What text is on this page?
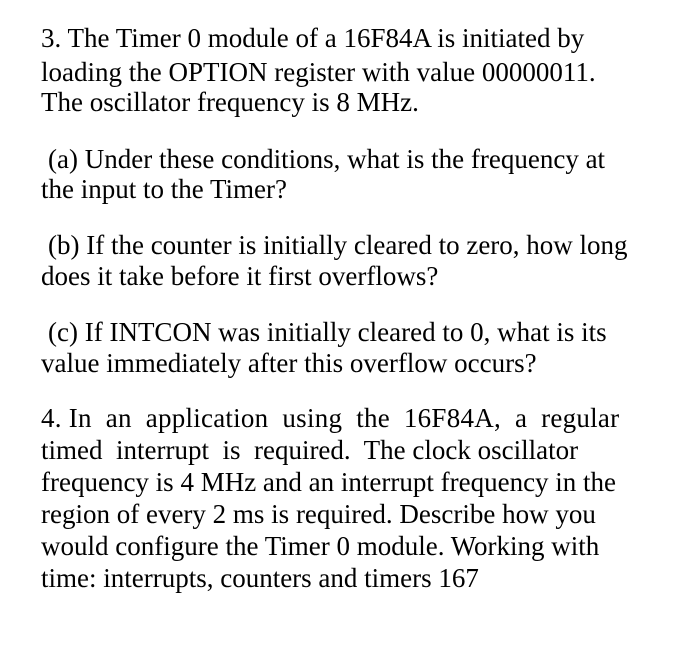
3. The Timer 0 module of a 16F84A is initiated by
loading the OPTION register with value 00000011.
The oscillator frequency is 8 MHz.
(a) Under these conditions, what is the frequency at
the input to the Timer?
(b) If the counter is initially cleared to zero, how long
does it take before it first overflows?
(c) If INTCON was initially cleared to 0, what is its
value immediately after this overflow occurs?
4. In  an  application  using  the  16F84A,  a  regular
timed  interrupt  is  required.  The clock oscillator
frequency is 4 MHz and an interrupt frequency in the
region of every 2 ms is required. Describe how you
would configure the Timer 0 module. Working with
time: interrupts, counters and timers 167
